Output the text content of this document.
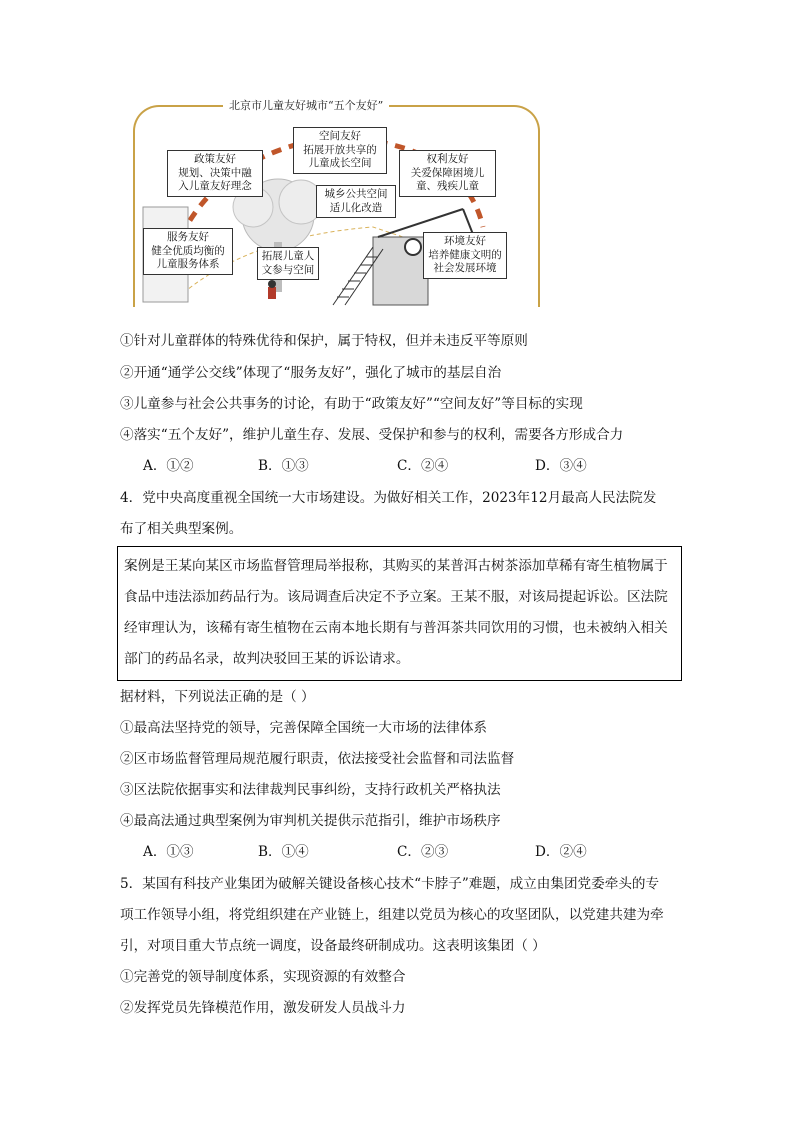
北京市儿童友好城市“五个友好”
空间友好
拓展开放共享的
儿童成长空间
政策友好
规划、决策中融
入儿童友好理念
权利友好
关爱保障困境儿
童、残疾儿童
城乡公共空间
适儿化改造
服务友好
健全优质均衡的
儿童服务体系
拓展儿童人
文参与空间
环境友好
培养健康文明的
社会发展环境
①针对儿童群体的特殊优待和保护，属于特权，但并未违反平等原则
②开通“通学公交线”体现了“服务友好”，强化了城市的基层自治
③儿童参与社会公共事务的讨论，有助于“政策友好”“空间友好”等目标的实现
④落实“五个友好”，维护儿童生存、发展、受保护和参与的权利，需要各方形成合力
A．①②	B．①③	C．②④	D．③④
4．党中央高度重视全国统一大市场建设。为做好相关工作，2023年12月最高人民法院发
布了相关典型案例。
案例是王某向某区市场监督管理局举报称，其购买的某普洱古树茶添加草稀有寄生植物属于
食品中违法添加药品行为。该局调查后决定不予立案。王某不服，对该局提起诉讼。区法院
经审理认为，该稀有寄生植物在云南本地长期有与普洱茶共同饮用的习惯，也未被纳入相关
部门的药品名录，故判决驳回王某的诉讼请求。
据材料，下列说法正确的是（ ）
①最高法坚持党的领导，完善保障全国统一大市场的法律体系
②区市场监督管理局规范履行职责，依法接受社会监督和司法监督
③区法院依据事实和法律裁判民事纠纷，支持行政机关严格执法
④最高法通过典型案例为审判机关提供示范指引，维护市场秩序
A．①③	B．①④	C．②③	D．②④
5．某国有科技产业集团为破解关键设备核心技术“卡脖子”难题，成立由集团党委牵头的专
项工作领导小组，将党组织建在产业链上，组建以党员为核心的攻坚团队，以党建共建为牵
引，对项目重大节点统一调度，设备最终研制成功。这表明该集团（ ）
①完善党的领导制度体系，实现资源的有效整合
②发挥党员先锋模范作用，激发研发人员战斗力
